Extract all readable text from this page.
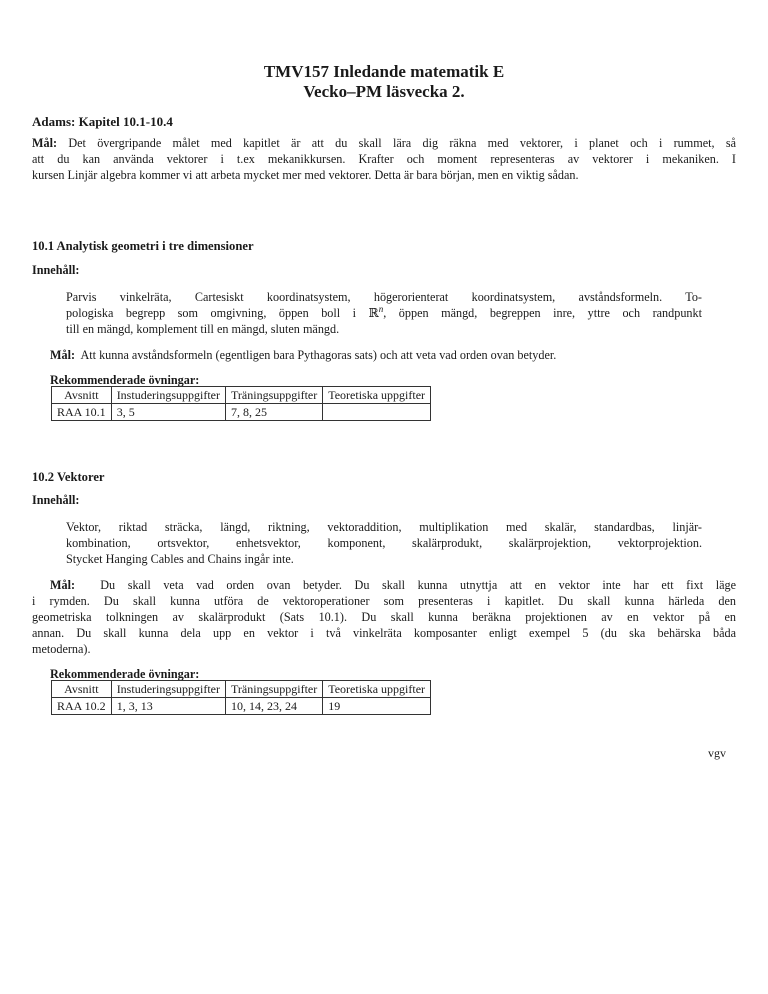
TMV157 Inledande matematik E
Vecko–PM läsvecka 2.
Adams: Kapitel 10.1-10.4
Mål: Det övergripande målet med kapitlet är att du skall lära dig räkna med vektorer, i planet och i rummet, så
att du kan använda vektorer i t.ex mekanikkursen. Krafter och moment representeras av vektorer i mekaniken. I
kursen Linjär algebra kommer vi att arbeta mycket mer med vektorer. Detta är bara början, men en viktig sådan.
10.1 Analytisk geometri i tre dimensioner
Innehåll:
Parvis vinkelräta, Cartesiskt koordinatsystem, högerorienterat koordinatsystem, avståndsformeln. To-
pologiska begrepp som omgivning, öppen boll i ℝ$^n$, öppen mängd, begreppen inre, yttre och randpunkt
till en mängd, komplement till en mängd, sluten mängd.
Mål: Att kunna avståndsformeln (egentligen bara Pythagoras sats) och att veta vad orden ovan betyder.
Rekommenderade övningar:
Avsnitt	Instuderingsuppgifter	Träningsuppgifter	Teoretiska uppgifter
RAA 10.1	3, 5	7, 8, 25	
10.2 Vektorer
Innehåll:
Vektor, riktad sträcka, längd, riktning, vektoraddition, multiplikation med skalär, standardbas, linjär-
kombination, ortsvektor, enhetsvektor, komponent, skalärprodukt, skalärprojektion, vektorprojektion.
Stycket Hanging Cables and Chains ingår inte.
Mål: Du skall veta vad orden ovan betyder. Du skall kunna utnyttja att en vektor inte har ett fixt läge
i rymden. Du skall kunna utföra de vektoroperationer som presenteras i kapitlet. Du skall kunna härleda den
geometriska tolkningen av skalärprodukt (Sats 10.1). Du skall kunna beräkna projektionen av en vektor på en
annan. Du skall kunna dela upp en vektor i två vinkelräta komposanter enligt exempel 5 (du ska behärska båda
metoderna).
Rekommenderade övningar:
Avsnitt	Instuderingsuppgifter	Träningsuppgifter	Teoretiska uppgifter
RAA 10.2	1, 3, 13	10, 14, 23, 24	19
vgv
